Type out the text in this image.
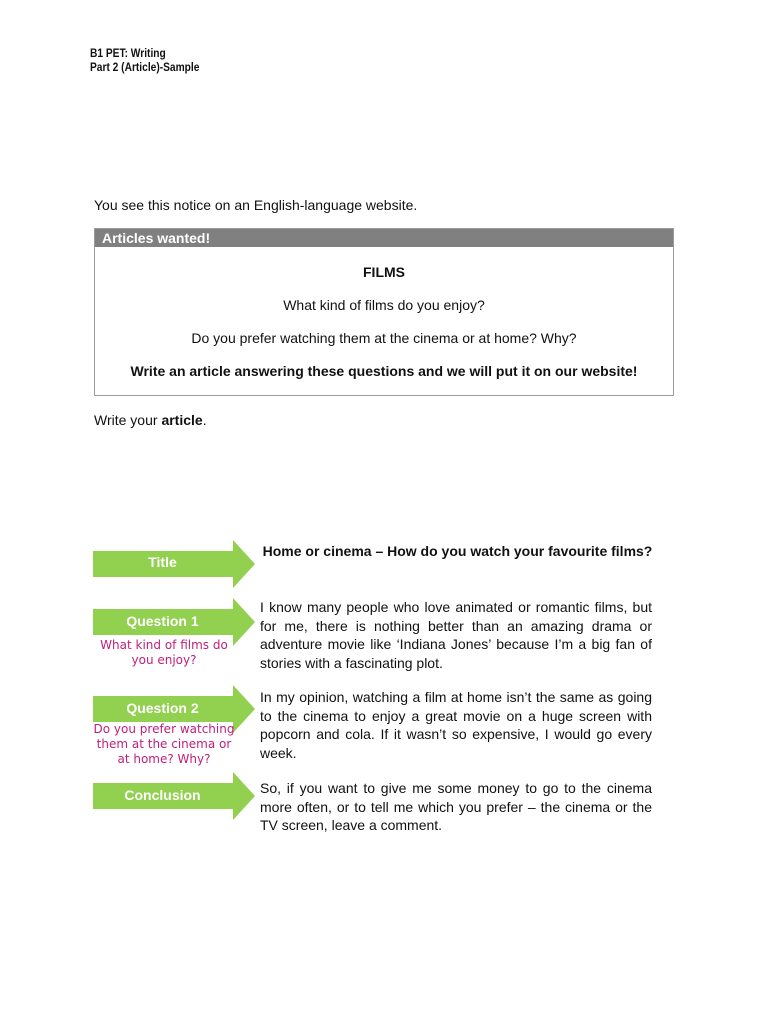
B1 PET: Writing
Part 2 (Article)-Sample
You see this notice on an English-language website.
Articles wanted!
FILMS
What kind of films do you enjoy?
Do you prefer watching them at the cinema or at home? Why?
Write an article answering these questions and we will put it on our website!
Write your article.
Title
Question 1
What kind of films do you enjoy?
Question 2
Do you prefer watching them at the cinema or at home? Why?
Conclusion
Home or cinema – How do you watch your favourite films?
I know many people who love animated or romantic films, but for me, there is nothing better than an amazing drama or adventure movie like ‘Indiana Jones’ because I’m a big fan of stories with a fascinating plot.
In my opinion, watching a film at home isn’t the same as going to the cinema to enjoy a great movie on a huge screen with popcorn and cola. If it wasn’t so expensive, I would go every week.
So, if you want to give me some money to go to the cinema more often, or to tell me which you prefer – the cinema or the TV screen, leave a comment.
